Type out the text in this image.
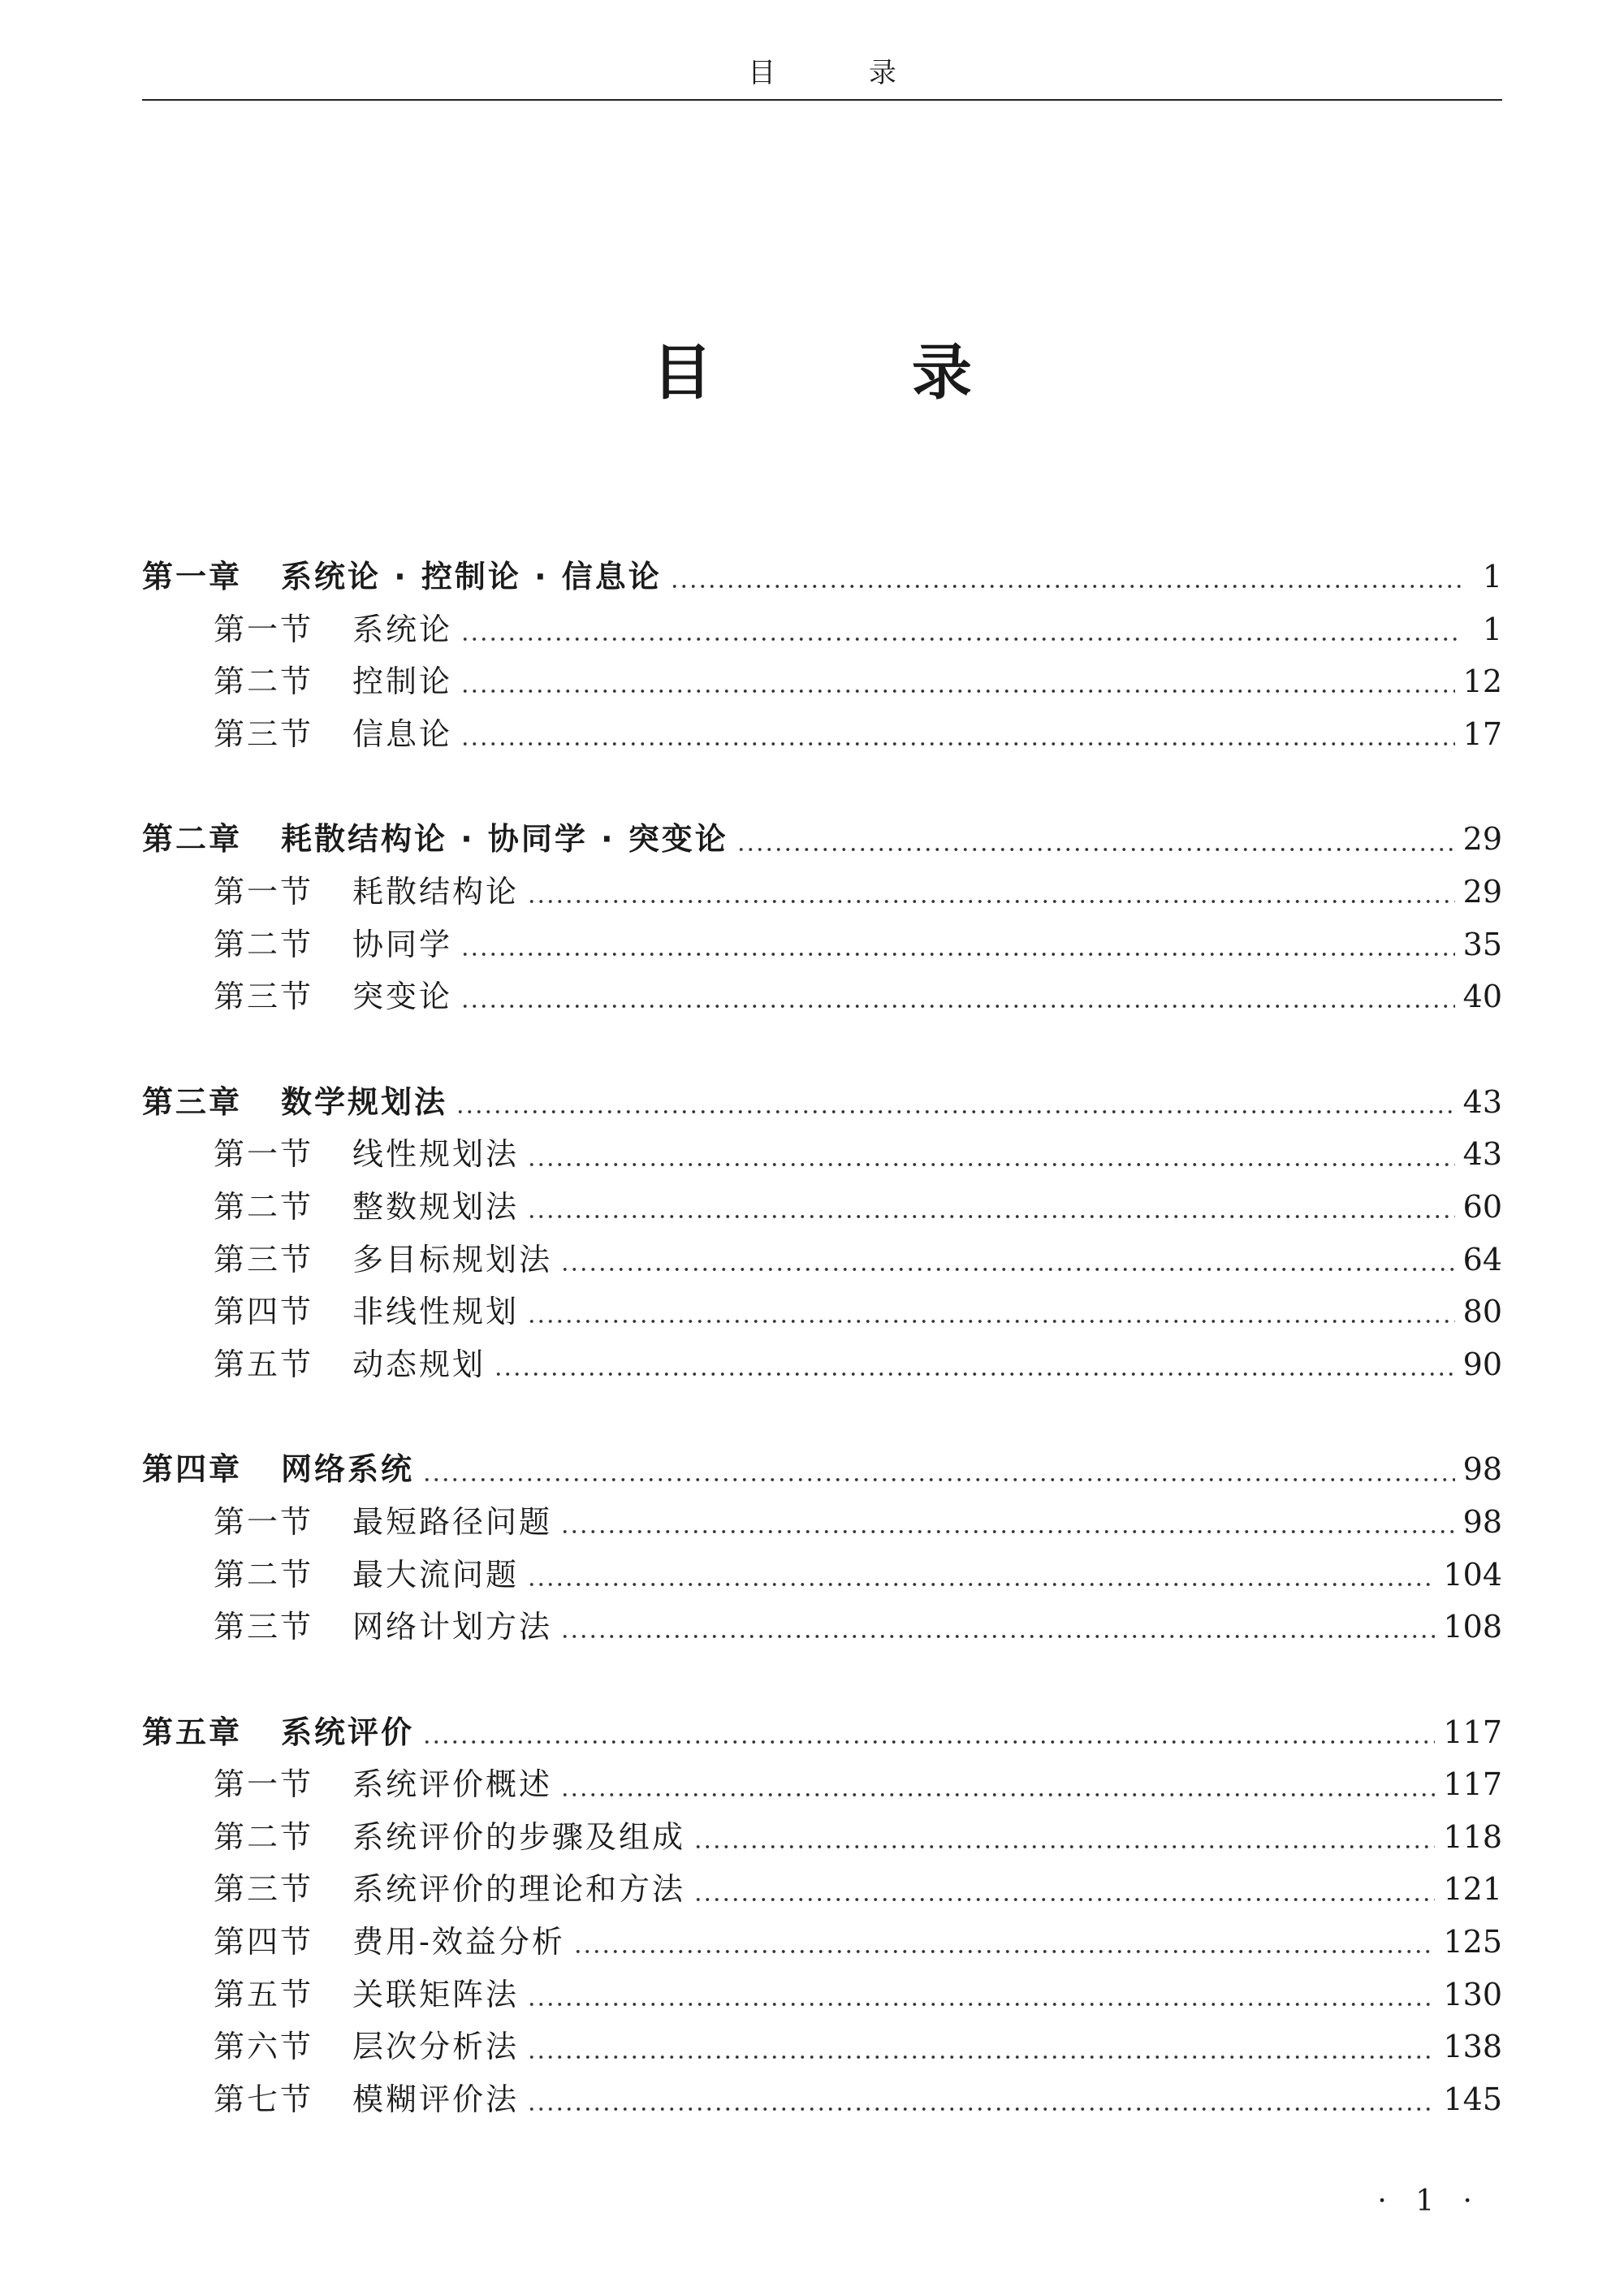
目 录
目 录
第一章 系统论 · 控制论 · 信息论	1
第一节 系统论	1
第二节 控制论	12
第三节 信息论	17
第二章 耗散结构论 · 协同学 · 突变论	29
第一节 耗散结构论	29
第二节 协同学	35
第三节 突变论	40
第三章 数学规划法	43
第一节 线性规划法	43
第二节 整数规划法	60
第三节 多目标规划法	64
第四节 非线性规划	80
第五节 动态规划	90
第四章 网络系统	98
第一节 最短路径问题	98
第二节 最大流问题	104
第三节 网络计划方法	108
第五章 系统评价	117
第一节 系统评价概述	117
第二节 系统评价的步骤及组成	118
第三节 系统评价的理论和方法	121
第四节 费用-效益分析	125
第五节 关联矩阵法	130
第六节 层次分析法	138
第七节 模糊评价法	145
· 1 ·
